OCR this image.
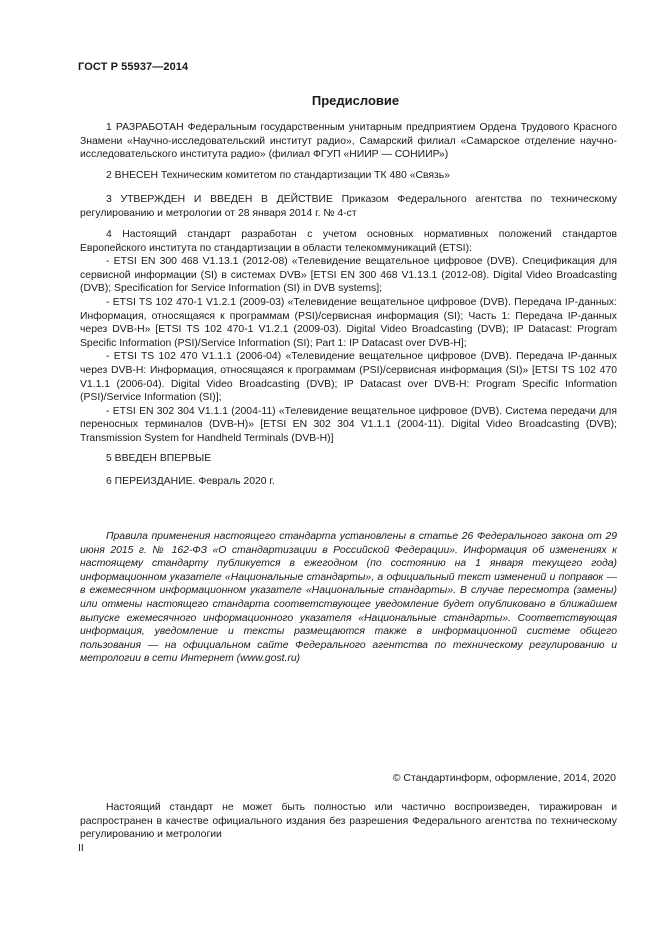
ГОСТ Р 55937—2014
Предисловие

1 РАЗРАБОТАН Федеральным государственным унитарным предприятием Ордена Трудового Красного Знамени «Научно-исследовательский институт радио», Самарский филиал «Самарское отделение научно-исследовательского института радио» (филиал ФГУП «НИИР — СОНИИР»)

2 ВНЕСЕН Техническим комитетом по стандартизации ТК 480 «Связь»

3 УТВЕРЖДЕН И ВВЕДЕН В ДЕЙСТВИЕ Приказом Федерального агентства по техническому регулированию и метрологии от 28 января 2014 г. № 4-ст

4 Настоящий стандарт разработан с учетом основных нормативных положений стандартов Европейского института по стандартизации в области телекоммуникаций (ETSI):

- ETSI EN 300 468 V1.13.1 (2012-08) «Телевидение вещательное цифровое (DVB). Спецификация для сервисной информации (SI) в системах DVB» [ETSI EN 300 468 V1.13.1 (2012-08). Digital Video Broadcasting (DVB); Specification for Service Information (SI) in DVB systems];

- ETSI TS 102 470-1 V1.2.1 (2009-03) «Телевидение вещательное цифровое (DVB). Передача IP-данных: Информация, относящаяся к программам (PSI)/сервисная информация (SI); Часть 1: Передача IP-данных через DVB-H» [ETSI TS 102 470-1 V1.2.1 (2009-03). Digital Video Broadcasting (DVB); IP Datacast: Program Specific Information (PSI)/Service Information (SI); Part 1: IP Datacast over DVB-H];

- ETSI TS 102 470 V1.1.1 (2006-04) «Телевидение вещательное цифровое (DVB). Передача IP-данных через DVB-H: Информация, относящаяся к программам (PSI)/сервисная информация (SI)» [ETSI TS 102 470 V1.1.1 (2006-04). Digital Video Broadcasting (DVB); IP Datacast over DVB-H: Program Specific Information (PSI)/Service Information (SI)];

- ETSI EN 302 304 V1.1.1 (2004-11) «Телевидение вещательное цифровое (DVB). Система передачи для переносных терминалов (DVB-H)» [ETSI EN 302 304 V1.1.1 (2004-11). Digital Video Broadcasting (DVB); Transmission System for Handheld Terminals (DVB-H)]

5 ВВЕДЕН ВПЕРВЫЕ

6 ПЕРЕИЗДАНИЕ. Февраль 2020 г.

Правила применения настоящего стандарта установлены в статье 26 Федерального закона от 29 июня 2015 г. № 162-ФЗ «О стандартизации в Российской Федерации». Информация об изменениях к настоящему стандарту публикуется в ежегодном (по состоянию на 1 января текущего года) информационном указателе «Национальные стандарты», а официальный текст изменений и поправок — в ежемесячном информационном указателе «Национальные стандарты». В случае пересмотра (замены) или отмены настоящего стандарта соответствующее уведомление будет опубликовано в ближайшем выпуске ежемесячного информационного указателя «Национальные стандарты». Соответствующая информация, уведомление и тексты размещаются также в информационной системе общего пользования — на официальном сайте Федерального агентства по техническому регулированию и метрологии в сети Интернет (www.gost.ru)

© Стандартинформ, оформление, 2014, 2020

Настоящий стандарт не может быть полностью или частично воспроизведен, тиражирован и распространен в качестве официального издания без разрешения Федерального агентства по техническому регулированию и метрологии

II
